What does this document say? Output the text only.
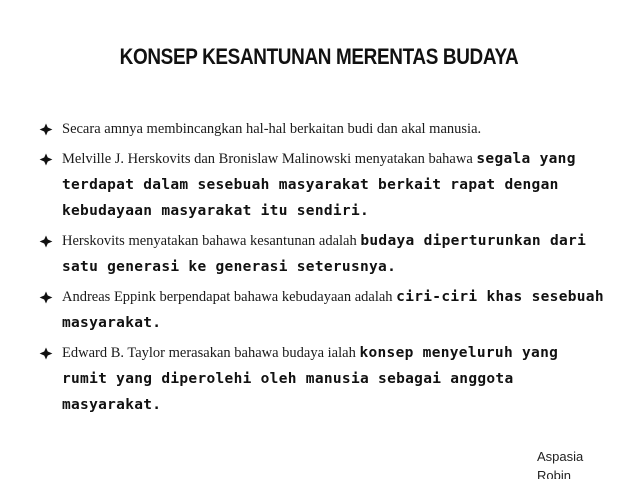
KONSEP KESANTUNAN MERENTAS BUDAYA
Secara amnya membincangkan hal-hal berkaitan budi dan akal manusia.
Melville J. Herskovits dan Bronislaw Malinowski menyatakan bahawa segala yang terdapat dalam sesebuah masyarakat berkait rapat dengan kebudayaan masyarakat itu sendiri.
Herskovits menyatakan bahawa kesantunan adalah budaya diperturunkan dari satu generasi ke generasi seterusnya.
Andreas Eppink berpendapat bahawa kebudayaan adalah ciri-ciri khas sesebuah masyarakat.
Edward B. Taylor merasakan bahawa budaya ialah konsep menyeluruh yang rumit yang diperolehi oleh manusia sebagai anggota masyarakat.
Aspasia
Robin
